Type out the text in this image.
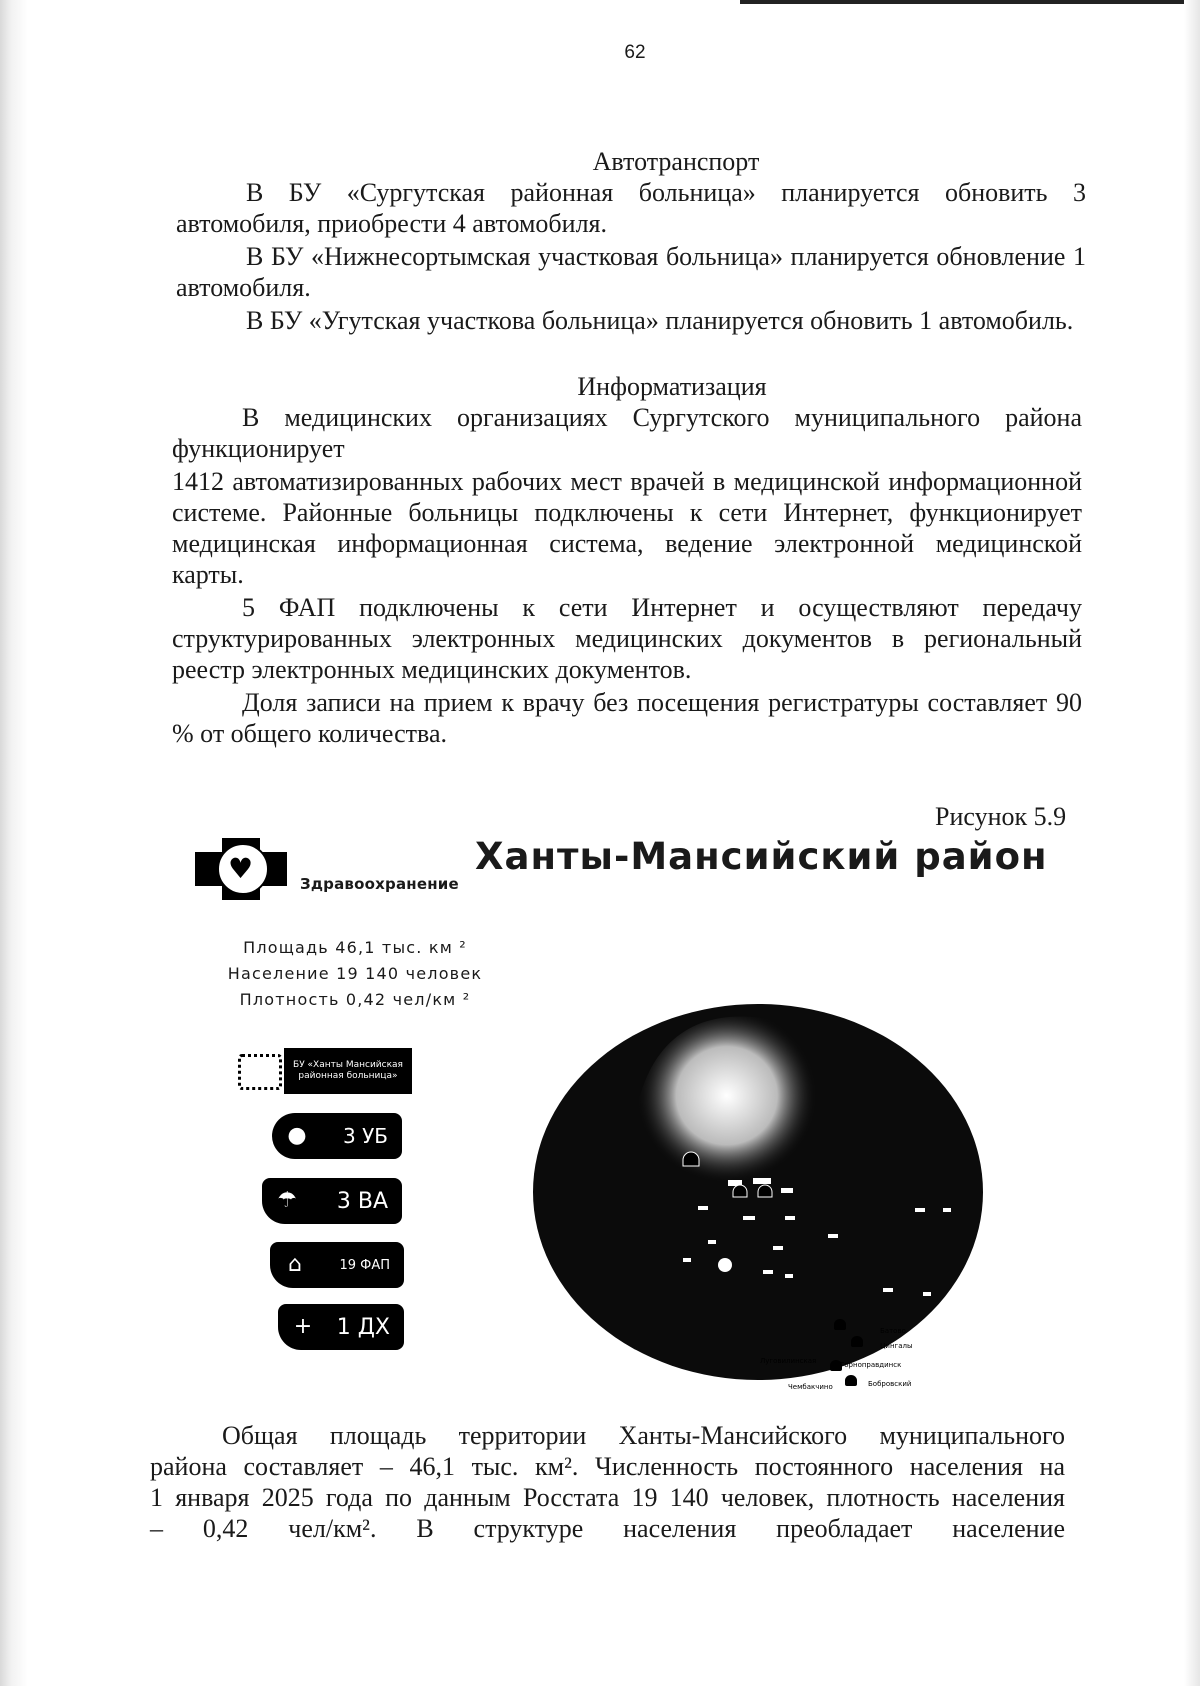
62

Автотранспорт

В БУ «Сургутская районная больница» планируется обновить 3 автомобиля, приобрести 4 автомобиля.

В БУ «Нижнесортымская участковая больница» планируется обновление 1 автомобиля.

В БУ «Угутская участкова больница» планируется обновить 1 автомобиль.

Информатизация

В медицинских организациях Сургутского муниципального района функционирует

1412 автоматизированных рабочих мест врачей в медицинской информационной системе. Районные больницы подключены к сети Интернет, функционирует медицинская информационная система, ведение электронной медицинской карты.

5 ФАП подключены к сети Интернет и осуществляют передачу структурированных электронных медицинских документов в региональный реестр электронных медицинских документов.

Доля записи на прием к врачу без посещения регистратуры составляет 90 % от общего количества.

Рисунок 5.9
♥	Здравоохранение
Ханты-Мансийский район
Площадь 46,1 тыс. км ²
Население 19 140 человек
Плотность 0,42 чел/км ²
БУ «Ханты Мансийская районная больница»
● 3 УБ
☂ 3 ВА
⌂	19 ФАП
+ 1 ДХ	Батово
Цингалы
Луговилинская	Горноправдинск
Чембакчино	Бобровский

Общая площадь территории Ханты-Мансийского муниципального

района составляет – 46,1 тыс. км². Численность постоянного населения на

1 января 2025 года по данным Росстата 19 140 человек, плотность населения

– 0,42 чел/км². В структуре населения преобладает население
